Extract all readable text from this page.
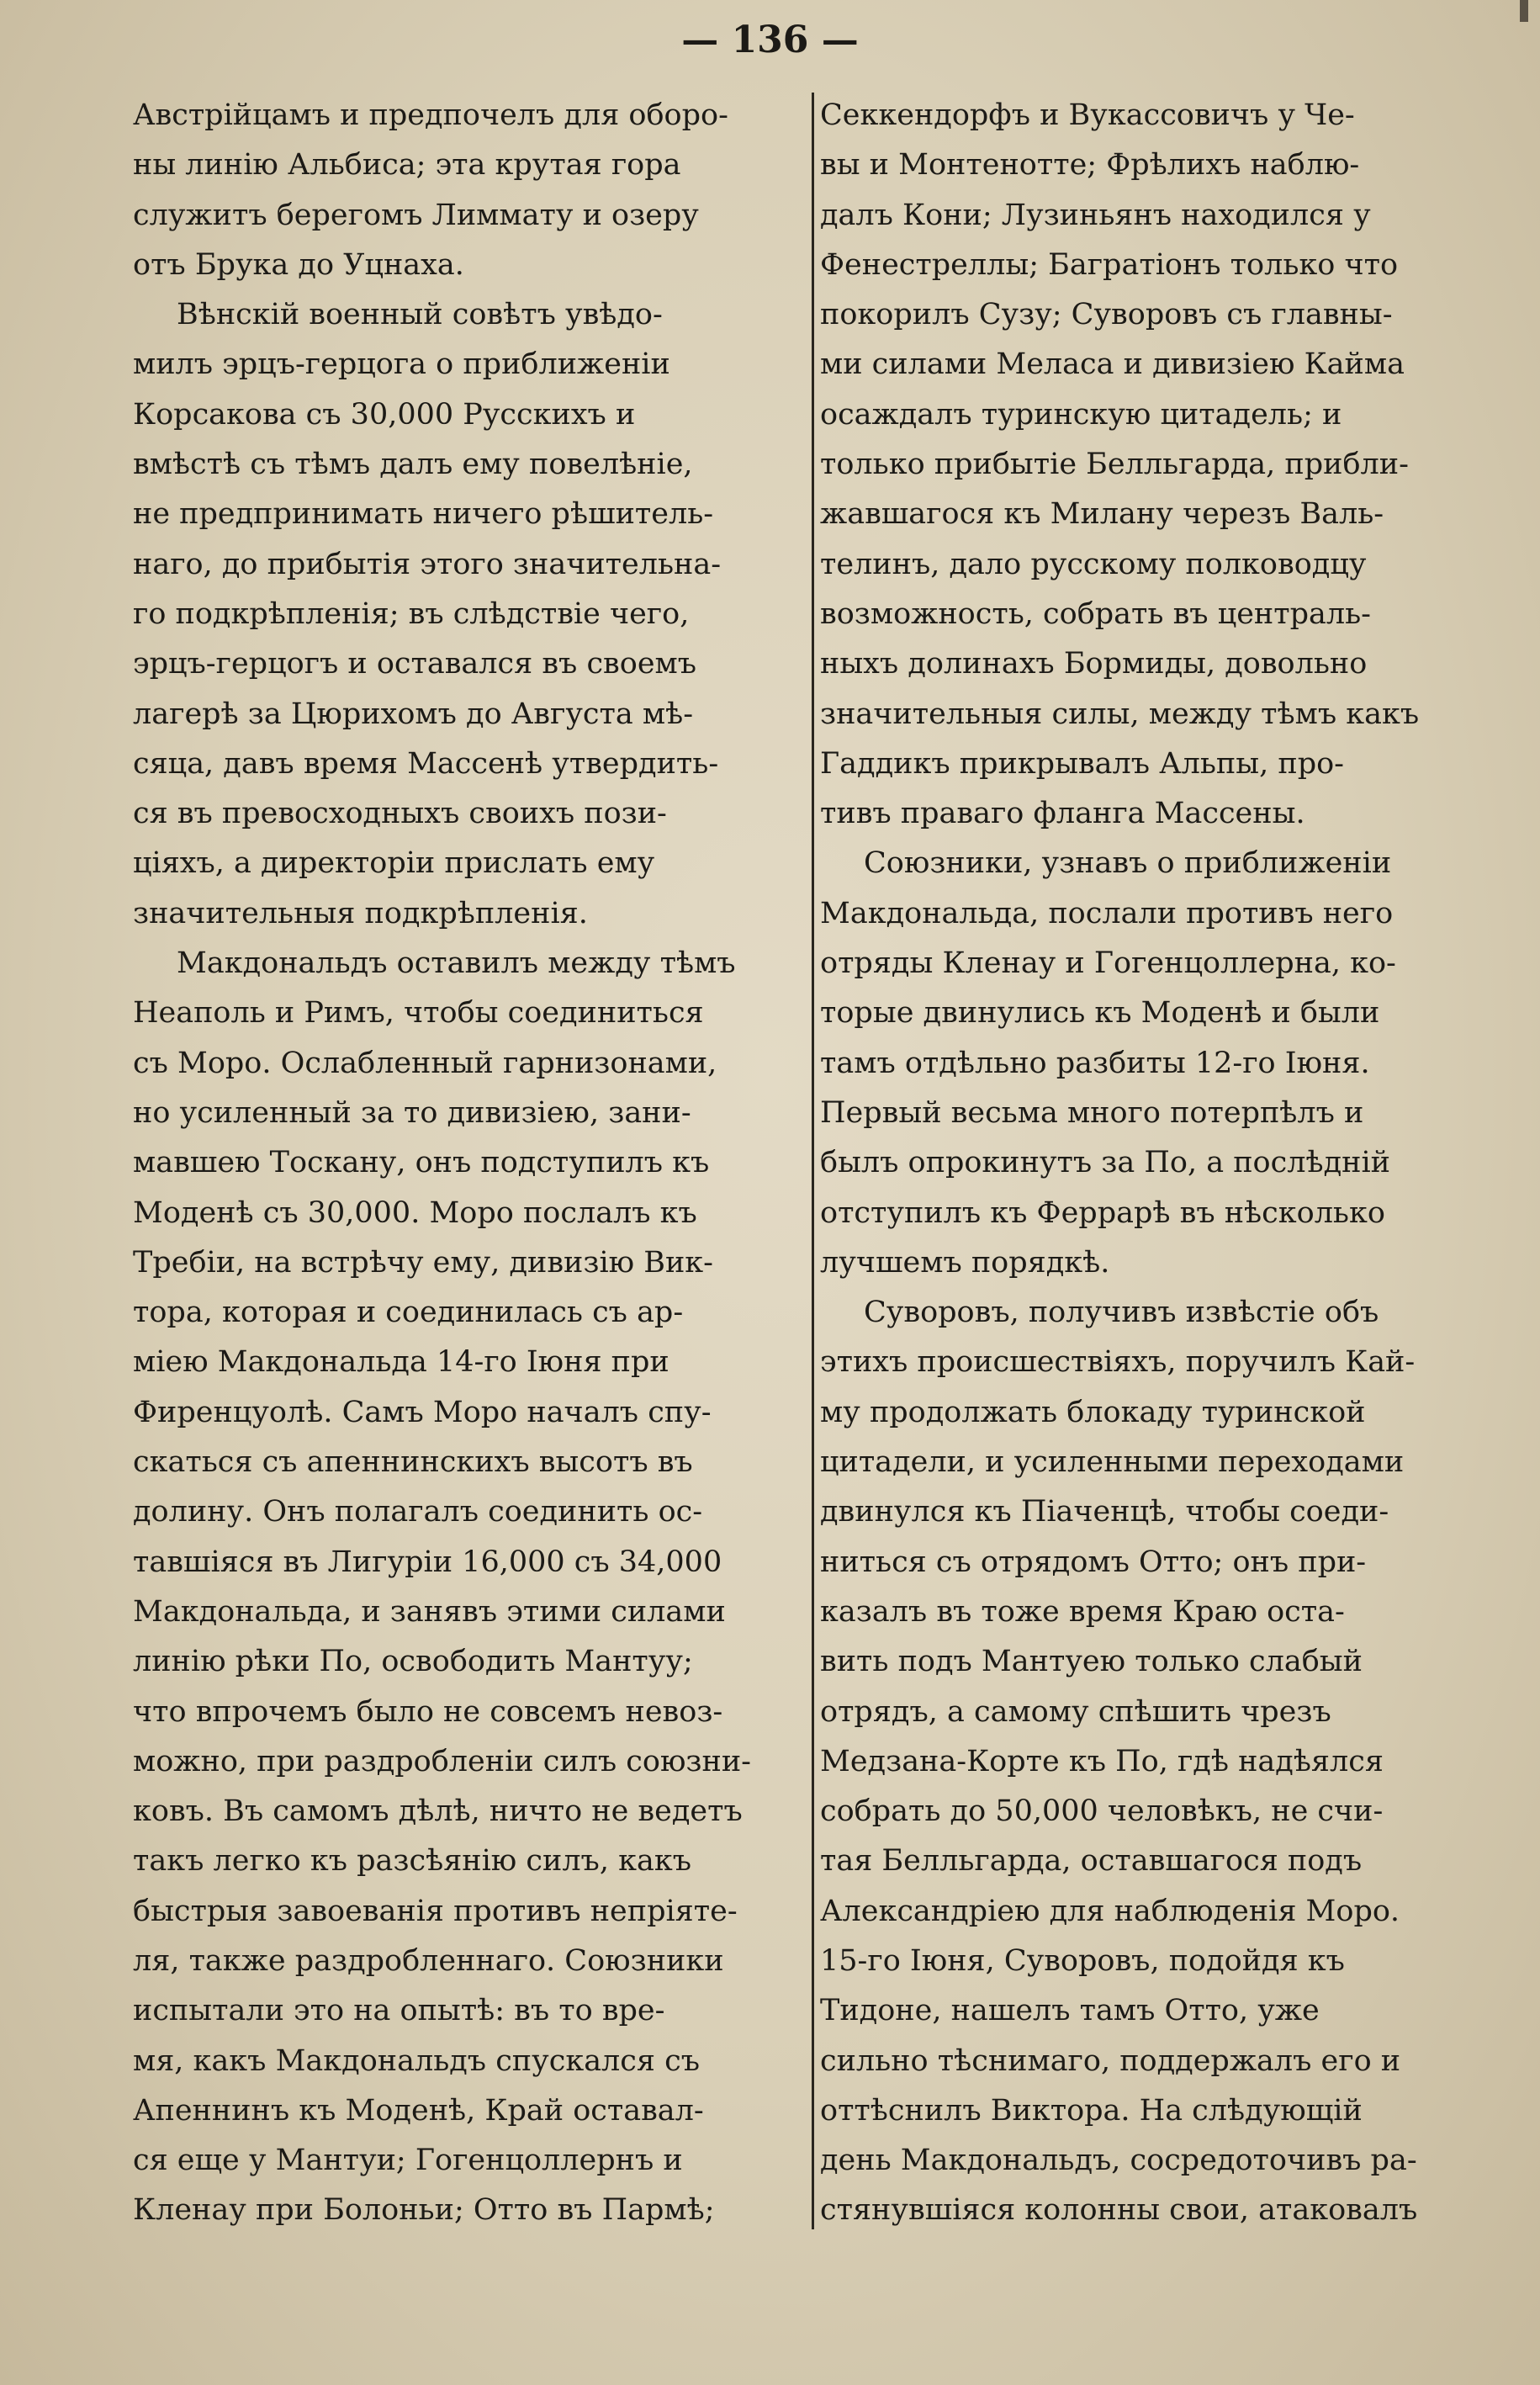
— 136 —
Австрійцамъ и предпочелъ для оборо-
ны линію Альбиса; эта крутая гора
служитъ берегомъ Лиммату и озеру
отъ Брука до Уцнаха.
Вѣнскій военный совѣтъ увѣдо-
милъ эрцъ-герцога о приближеніи
Корсакова съ 30,000 Русскихъ и
вмѣстѣ съ тѣмъ далъ ему повелѣніе,
не предпринимать ничего рѣшитель-
наго, до прибытія этого значительна-
го подкрѣпленія; въ слѣдствіе чего,
эрцъ-герцогъ и оставался въ своемъ
лагерѣ за Цюрихомъ до Августа мѣ-
сяца, давъ время Массенѣ утвердить-
ся въ превосходныхъ своихъ пози-
ціяхъ, а директоріи прислать ему
значительныя подкрѣпленія.
Макдональдъ оставилъ между тѣмъ
Неаполь и Римъ, чтобы соединиться
съ Моро. Ослабленный гарнизонами,
но усиленный за то дивизіею, зани-
мавшею Тоскану, онъ подступилъ къ
Моденѣ съ 30,000. Моро послалъ къ
Требіи, на встрѣчу ему, дивизію Вик-
тора, которая и соединилась съ ар-
міею Макдональда 14-го Іюня при
Фиренцуолѣ. Самъ Моро началъ спу-
скаться съ апеннинскихъ высотъ въ
долину. Онъ полагалъ соединить ос-
тавшіяся въ Лигуріи 16,000 съ 34,000
Макдональда, и занявъ этими силами
линію рѣки По, освободить Мантуу;
что впрочемъ было не совсемъ невоз-
можно, при раздробленіи силъ союзни-
ковъ. Въ самомъ дѣлѣ, ничто не ведетъ
такъ легко къ разсѣянію силъ, какъ
быстрыя завоеванія противъ непріяте-
ля, также раздробленнаго. Союзники
испытали это на опытѣ: въ то вре-
мя, какъ Макдональдъ спускался съ
Апеннинъ къ Моденѣ, Край оставал-
ся еще у Мантуи; Гогенцоллернъ и
Кленау при Болоньи; Отто въ Пармѣ;
Секкендорфъ и Вукассовичъ у Че-
вы и Монтенотте; Фрѣлихъ наблю-
далъ Кони; Лузиньянъ находился у
Фенестреллы; Багратіонъ только что
покорилъ Сузу; Суворовъ съ главны-
ми силами Меласа и дивизіею Кайма
осаждалъ туринскую цитадель; и
только прибытіе Белльгарда, прибли-
жавшагося къ Милану черезъ Валь-
телинъ, дало русскому полководцу
возможность, собрать въ централь-
ныхъ долинахъ Бормиды, довольно
значительныя силы, между тѣмъ какъ
Гаддикъ прикрывалъ Альпы, про-
тивъ праваго фланга Массены.
Союзники, узнавъ о приближеніи
Макдональда, послали противъ него
отряды Кленау и Гогенцоллерна, ко-
торые двинулись къ Моденѣ и были
тамъ отдѣльно разбиты 12-го Іюня.
Первый весьма много потерпѣлъ и
былъ опрокинутъ за По, а послѣдній
отступилъ къ Феррарѣ въ нѣсколько
лучшемъ порядкѣ.
Суворовъ, получивъ извѣстіе объ
этихъ происшествіяхъ, поручилъ Кай-
му продолжать блокаду туринской
цитадели, и усиленными переходами
двинулся къ Піаченцѣ, чтобы соеди-
ниться съ отрядомъ Отто; онъ при-
казалъ въ тоже время Краю оста-
вить подъ Мантуею только слабый
отрядъ, а самому спѣшить чрезъ
Медзана-Корте къ По, гдѣ надѣялся
собрать до 50,000 человѣкъ, не счи-
тая Белльгарда, оставшагося подъ
Александріею для наблюденія Моро.
15-го Іюня, Суворовъ, подойдя къ
Тидоне, нашелъ тамъ Отто, уже
сильно тѣснимаго, поддержалъ его и
оттѣснилъ Виктора. На слѣдующій
день Макдональдъ, сосредоточивъ ра-
стянувшіяся колонны свои, атаковалъ
